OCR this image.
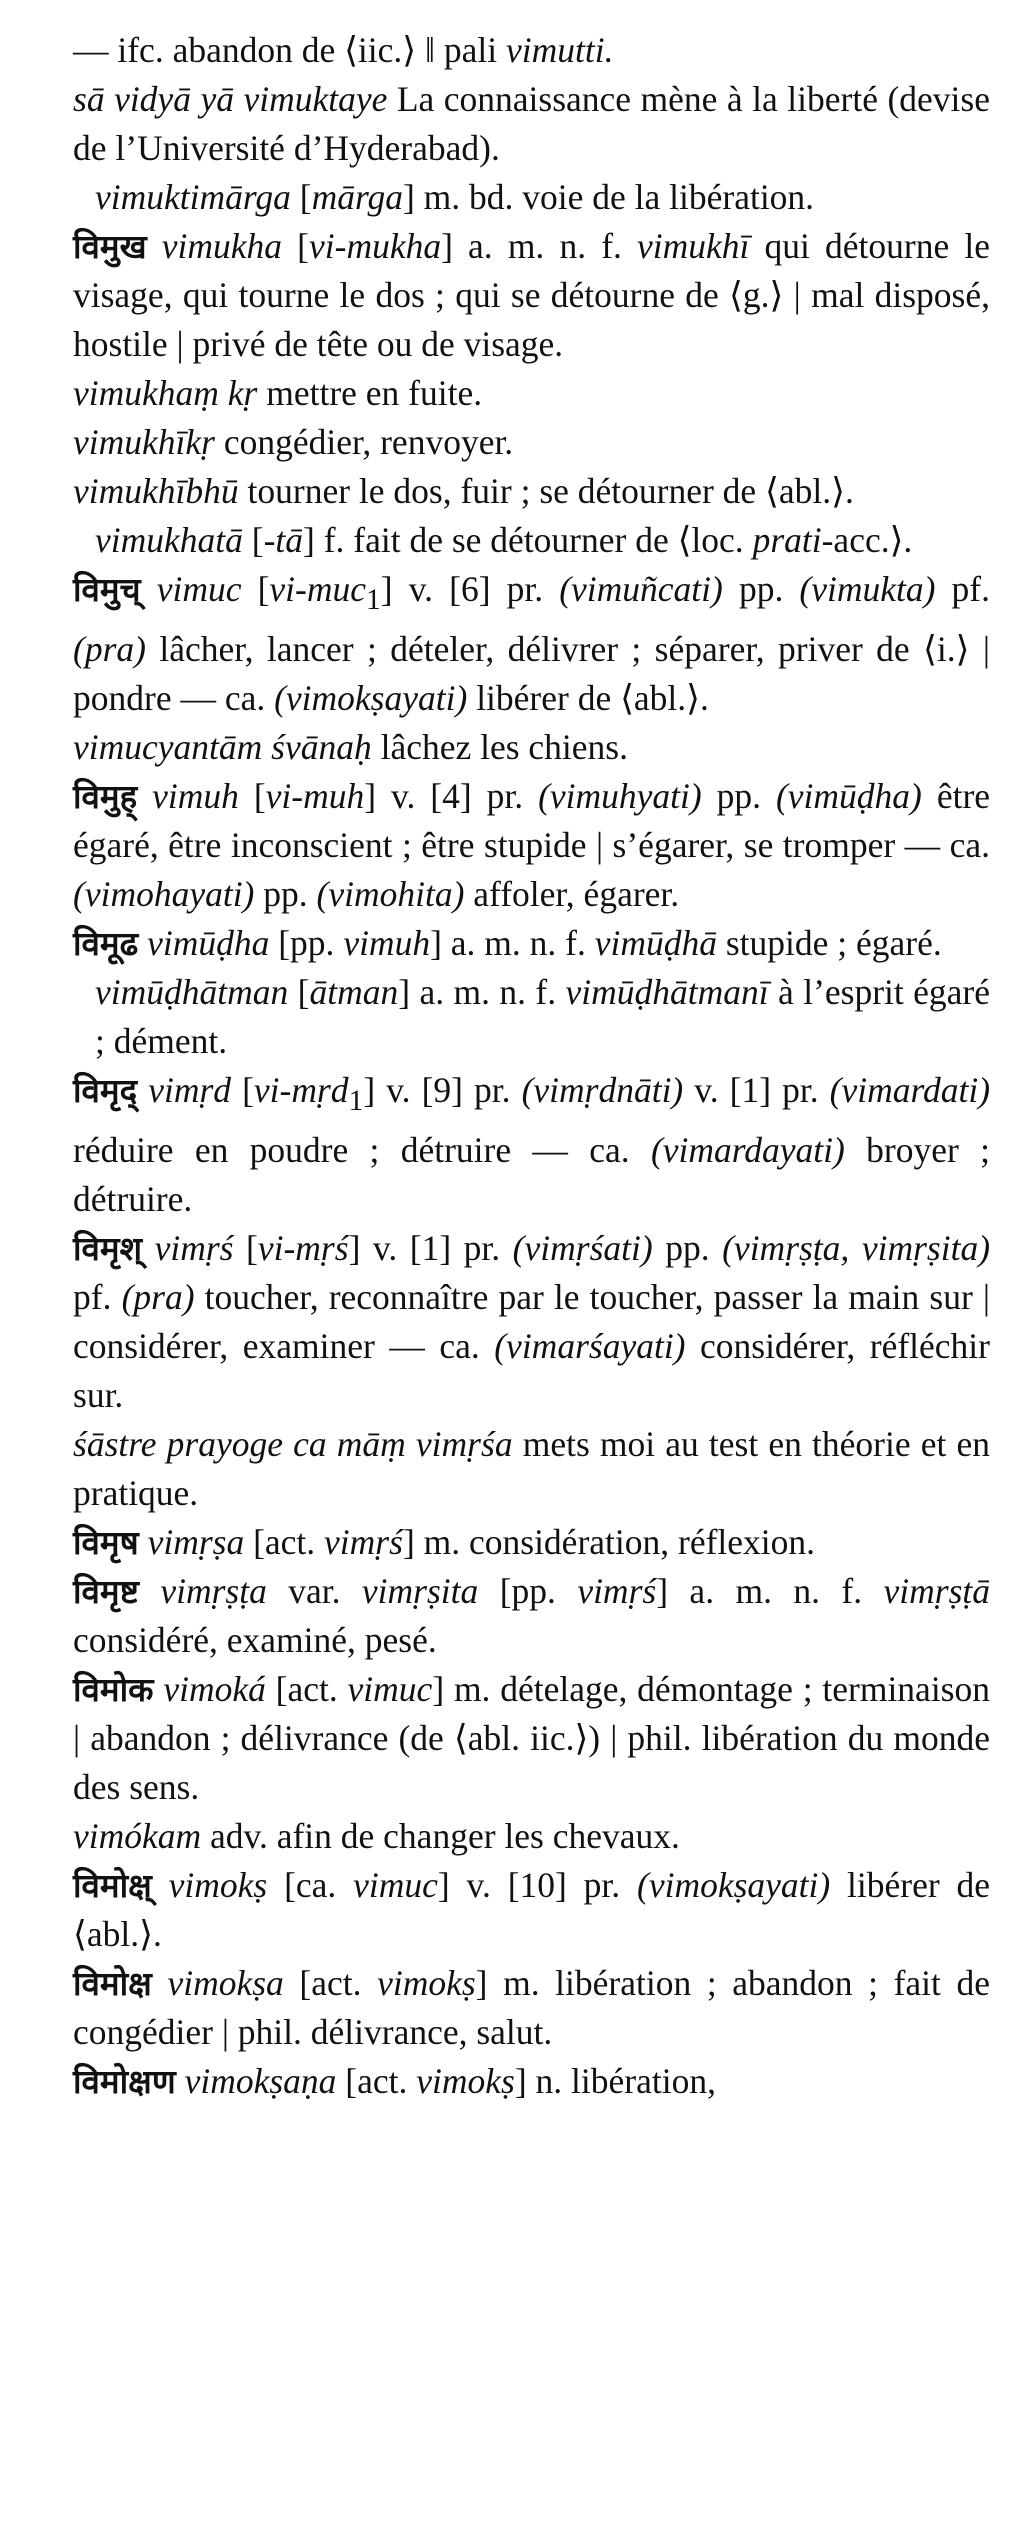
— ifc. abandon de ⟨iic.⟩ ‖ pali vimutti.

sā vidyā yā vimuktaye La connaissance mène à la liberté (devise de l’Université d’Hyderabad).

vimuktimārga [mārga] m. bd. voie de la libération.

विमुख vimukha [vi-mukha] a. m. n. f. vimukhī qui détourne le visage, qui tourne le dos ; qui se détourne de ⟨g.⟩ | mal disposé, hostile | privé de tête ou de visage.

vimukhaṃ kṛ mettre en fuite.

vimukhīkṛ congédier, renvoyer.

vimukhībhū tourner le dos, fuir ; se détourner de ⟨abl.⟩.

vimukhatā [-tā] f. fait de se détourner de ⟨loc. prati-acc.⟩.

विमुच् vimuc [vi-muc$_1$] v. [6] pr. (vimuñcati) pp. (vimukta) pf. (pra) lâcher, lancer ; dételer, délivrer ; séparer, priver de ⟨i.⟩ | pondre — ca. (vimokṣayati) libérer de ⟨abl.⟩.

vimucyantām śvānaḥ lâchez les chiens.

विमुह् vimuh [vi-muh] v. [4] pr. (vimuhyati) pp. (vimūḍha) être égaré, être inconscient ; être stupide | s’égarer, se tromper — ca. (vimohayati) pp. (vimohita) affoler, égarer.

विमूढ vimūḍha [pp. vimuh] a. m. n. f. vimūḍhā stupide ; égaré.

vimūḍhātman [ātman] a. m. n. f. vimūḍhātmanī à l’esprit égaré ; dément.

विमृद् vimṛd [vi-mṛd$_1$] v. [9] pr. (vimṛdnāti) v. [1] pr. (vimardati) réduire en poudre ; détruire — ca. (vimardayati) broyer ; détruire.

विमृश् vimṛś [vi-mṛś] v. [1] pr. (vimṛśati) pp. (vimṛṣṭa, vimṛṣita) pf. (pra) toucher, reconnaître par le toucher, passer la main sur | considérer, examiner — ca. (vimarśayati) considérer, réfléchir sur.

śāstre prayoge ca māṃ vimṛśa mets moi au test en théorie et en pratique.

विमृष vimṛṣa [act. vimṛś] m. considération, réflexion.

विमृष्ट vimṛṣṭa var. vimṛṣita [pp. vimṛś] a. m. n. f. vimṛṣṭā considéré, examiné, pesé.

विमोक vimoká [act. vimuc] m. dételage, démontage ; terminaison | abandon ; délivrance (de ⟨abl. iic.⟩) | phil. libération du monde des sens.

vimókam adv. afin de changer les chevaux.

विमोक्ष् vimokṣ [ca. vimuc] v. [10] pr. (vimokṣayati) libérer de ⟨abl.⟩.

विमोक्ष vimokṣa [act. vimokṣ] m. libération ; abandon ; fait de congédier | phil. délivrance, salut.

विमोक्षण vimokṣaṇa [act. vimokṣ] n. libération,
